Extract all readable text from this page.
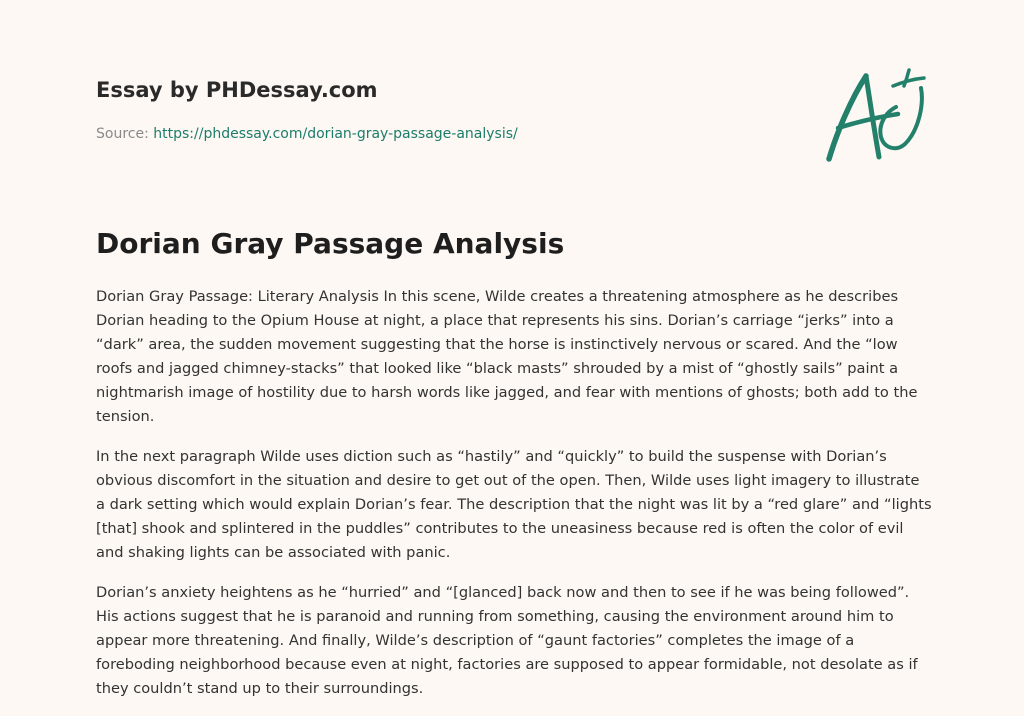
Essay by PHDessay.com
Source: https://phdessay.com/dorian-gray-passage-analysis/
Dorian Gray Passage Analysis

Dorian Gray Passage: Literary Analysis In this scene, Wilde creates a threatening atmosphere as he describes Dorian heading to the Opium House at night, a place that represents his sins. Dorian’s carriage “jerks” into a “dark” area, the sudden movement suggesting that the horse is instinctively nervous or scared. And the “low roofs and jagged chimney-stacks” that looked like “black masts” shrouded by a mist of “ghostly sails” paint a nightmarish image of hostility due to harsh words like jagged, and fear with mentions of ghosts; both add to the tension.

In the next paragraph Wilde uses diction such as “hastily” and “quickly” to build the suspense with Dorian’s obvious discomfort in the situation and desire to get out of the open. Then, Wilde uses light imagery to illustrate a dark setting which would explain Dorian’s fear. The description that the night was lit by a “red glare” and “lights [that] shook and splintered in the puddles” contributes to the uneasiness because red is often the color of evil and shaking lights can be associated with panic.

Dorian’s anxiety heightens as he “hurried” and “[glanced] back now and then to see if he was being followed”. His actions suggest that he is paranoid and running from something, causing the environment around him to appear more threatening. And finally, Wilde’s description of “gaunt factories” completes the image of a foreboding neighborhood because even at night, factories are supposed to appear formidable, not desolate as if they couldn’t stand up to their surroundings.
